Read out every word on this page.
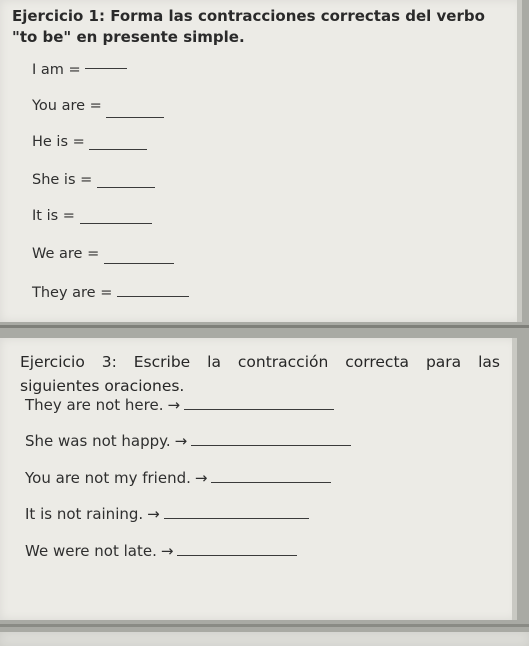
Ejercicio 1: Forma las contracciones correctas del verbo "to be" en presente simple.
I am =
You are =
He is =
She is =
It is =
We are =
They are =
Ejercicio 3: Escribe la contracción correcta para las siguientes oraciones.
They are not here. →
She was not happy. →
You are not my friend. →
It is not raining. →
We were not late. →
